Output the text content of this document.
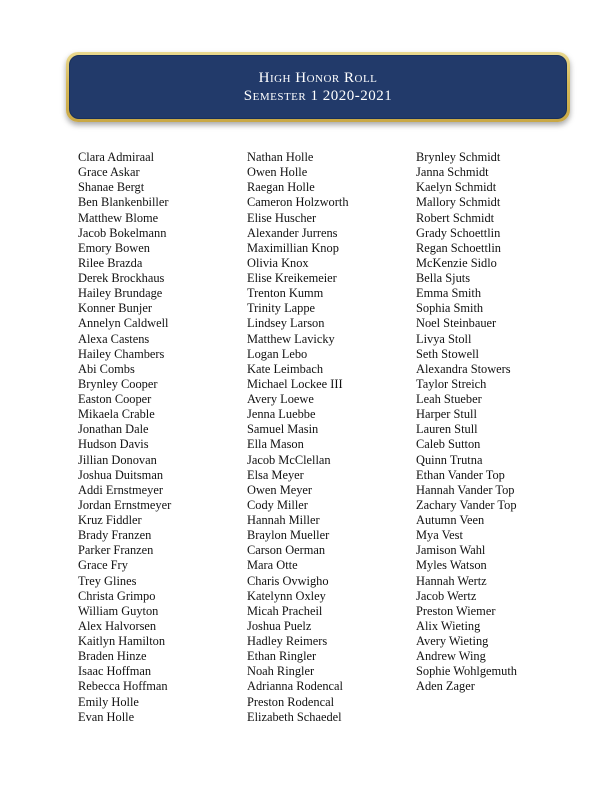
High Honor Roll
Semester 1 2020-2021
Clara Admiraal
Grace Askar
Shanae Bergt
Ben Blankenbiller
Matthew Blome
Jacob Bokelmann
Emory Bowen
Rilee Brazda
Derek Brockhaus
Hailey Brundage
Konner Bunjer
Annelyn Caldwell
Alexa Castens
Hailey Chambers
Abi Combs
Brynley Cooper
Easton Cooper
Mikaela Crable
Jonathan Dale
Hudson Davis
Jillian Donovan
Joshua Duitsman
Addi Ernstmeyer
Jordan Ernstmeyer
Kruz Fiddler
Brady Franzen
Parker Franzen
Grace Fry
Trey Glines
Christa Grimpo
William Guyton
Alex Halvorsen
Kaitlyn Hamilton
Braden Hinze
Isaac Hoffman
Rebecca Hoffman
Emily Holle
Evan Holle
Nathan Holle
Owen Holle
Raegan Holle
Cameron Holzworth
Elise Huscher
Alexander Jurrens
Maximillian Knop
Olivia Knox
Elise Kreikemeier
Trenton Kumm
Trinity Lappe
Lindsey Larson
Matthew Lavicky
Logan Lebo
Kate Leimbach
Michael Lockee III
Avery Loewe
Jenna Luebbe
Samuel Masin
Ella Mason
Jacob McClellan
Elsa Meyer
Owen Meyer
Cody Miller
Hannah Miller
Braylon Mueller
Carson Oerman
Mara Otte
Charis Ovwigho
Katelynn Oxley
Micah Pracheil
Joshua Puelz
Hadley Reimers
Ethan Ringler
Noah Ringler
Adrianna Rodencal
Preston Rodencal
Elizabeth Schaedel
Brynley Schmidt
Janna Schmidt
Kaelyn Schmidt
Mallory Schmidt
Robert Schmidt
Grady Schoettlin
Regan Schoettlin
McKenzie Sidlo
Bella Sjuts
Emma Smith
Sophia Smith
Noel Steinbauer
Livya Stoll
Seth Stowell
Alexandra Stowers
Taylor Streich
Leah Stueber
Harper Stull
Lauren Stull
Caleb Sutton
Quinn Trutna
Ethan Vander Top
Hannah Vander Top
Zachary Vander Top
Autumn Veen
Mya Vest
Jamison Wahl
Myles Watson
Hannah Wertz
Jacob Wertz
Preston Wiemer
Alix Wieting
Avery Wieting
Andrew Wing
Sophie Wohlgemuth
Aden Zager
